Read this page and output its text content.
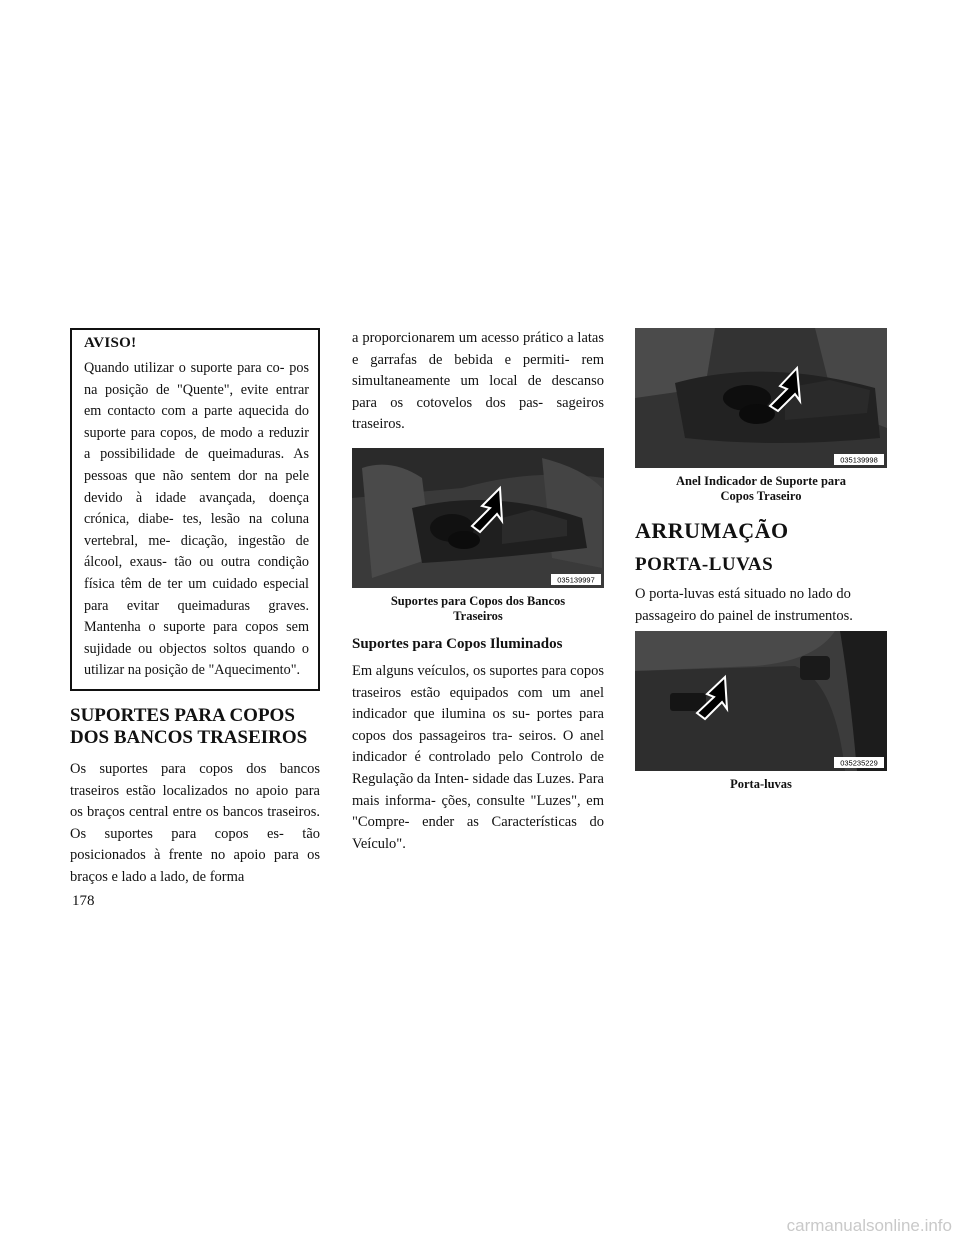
AVISO!

Quando utilizar o suporte para co- pos na posição de "Quente", evite entrar em contacto com a parte aquecida do suporte para copos, de modo a reduzir a possibilidade de queimaduras. As pessoas que não sentem dor na pele devido à idade avançada, doença crónica, diabe- tes, lesão na coluna vertebral, me- dicação, ingestão de álcool, exaus- tão ou outra condição física têm de ter um cuidado especial para evitar queimaduras graves. Mantenha o suporte para copos sem sujidade ou objectos soltos quando o utilizar na posição de "Aquecimento".

SUPORTES PARA COPOS
DOS BANCOS TRASEIROS

Os suportes para copos dos bancos traseiros estão localizados no apoio para os braços central entre os bancos traseiros. Os suportes para copos es- tão posicionados à frente no apoio para os braços e lado a lado, de forma

a proporcionarem um acesso prático a latas e garrafas de bebida e permiti- rem simultaneamente um local de descanso para os cotovelos dos pas- sageiros traseiros.

035139997
Suportes para Copos dos Bancos
Traseiros
Suportes para Copos Iluminados

Em alguns veículos, os suportes para copos traseiros estão equipados com um anel indicador que ilumina os su- portes para copos dos passageiros tra- seiros. O anel indicador é controlado pelo Controlo de Regulação da Inten- sidade das Luzes. Para mais informa- ções, consulte "Luzes", em "Compre- ender as Características do Veículo".

035139998
Anel Indicador de Suporte para
Copos Traseiro
ARRUMAÇÃO
PORTA-LUVAS

O porta-luvas está situado no lado do passageiro do painel de instrumentos.

035235229
Porta-luvas
178
carmanualsonline.info
